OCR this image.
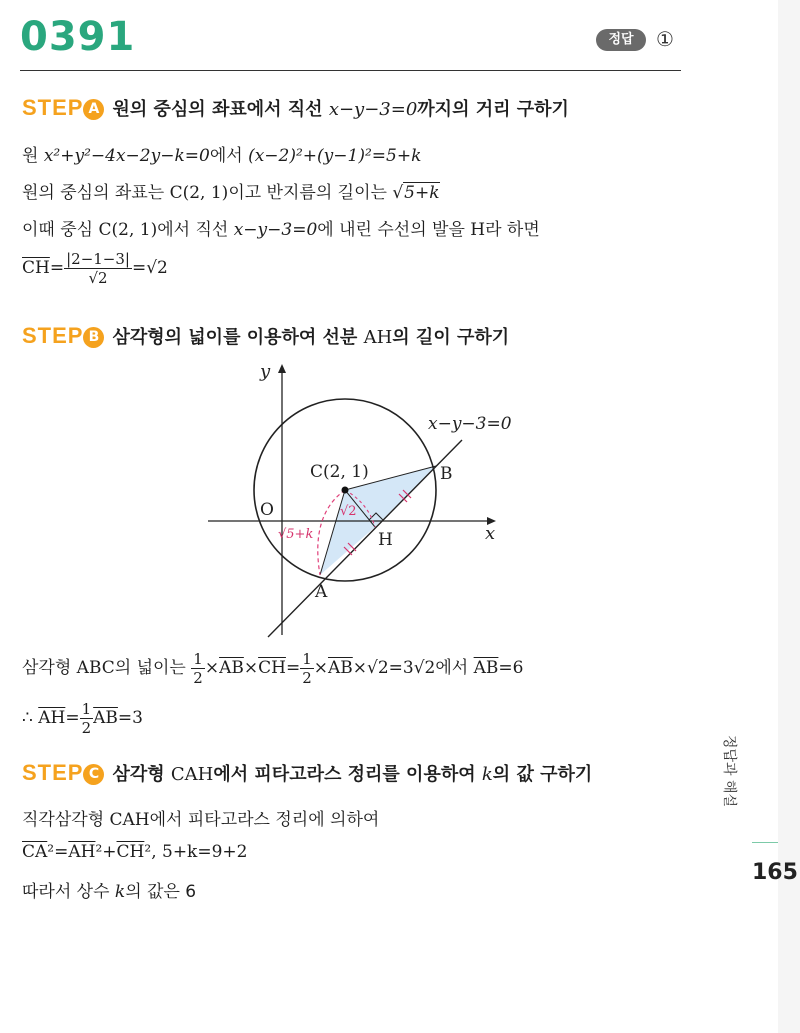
0391	정답	①
STEP A 원의 중심의 좌표에서 직선 x−y−3=0까지의 거리 구하기
원 x²+y²−4x−2y−k=0에서 (x−2)²+(y−1)²=5+k
원의 중심의 좌표는 C(2, 1)이고 반지름의 길이는 √5+k
이때 중심 C(2, 1)에서 직선 x−y−3=0에 내린 수선의 발을 H라 하면
$\overline{CH}= \frac{|2-1-3|}{√2} =√2$
STEP B 삼각형의 넓이를 이용하여 선분 AH의 길이 구하기
y
x
O
x−y−3=0
C(2, 1)	B
H
A
√2
√5+k
삼각형 ABC의 넓이는 $\frac{1}{2} \times\overline{AB}\times\overline{CH}= \frac{1}{2} \times\overline{AB}\times√2=3√2$에서 $\overline{AB}=6$
∴ $\overline{AH}= \frac{1}{2} \overline{AB}=3$
STEP C 삼각형 CAH에서 피타고라스 정리를 이용하여 k의 값 구하기
직각삼각형 CAH에서 피타고라스 정리에 의하여
$\overline{CA}^2=\overline{AH}^2+\overline{CH}^2$, 5+k=9+2
따라서 상수 k의 값은 6
정답과 해설
165
